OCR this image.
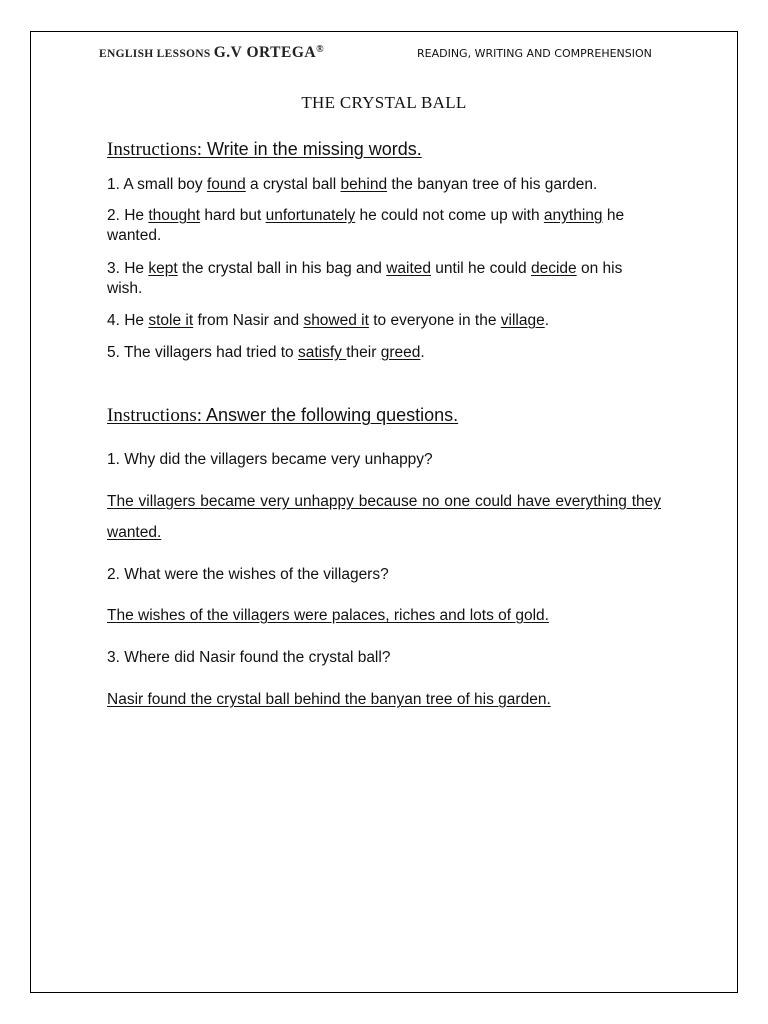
ENGLISH LESSONS G.V ORTEGA®	READING, WRITING AND COMPREHENSION
THE CRYSTAL BALL
Instructions: Write in the missing words.
1. A small boy found a crystal ball behind the banyan tree of his garden.
2. He thought hard but unfortunately he could not come up with anything he wanted.
3. He kept the crystal ball in his bag and waited until he could decide on his wish.
4. He stole it from Nasir and showed it to everyone in the village.
5. The villagers had tried to satisfy their greed.
Instructions: Answer the following questions.
1. Why did the villagers became very unhappy?
The villagers became very unhappy because no one could have everything they wanted.
2. What were the wishes of the villagers?
The wishes of the villagers were palaces, riches and lots of gold.
3. Where did Nasir found the crystal ball?
Nasir found the crystal ball behind the banyan tree of his garden.
